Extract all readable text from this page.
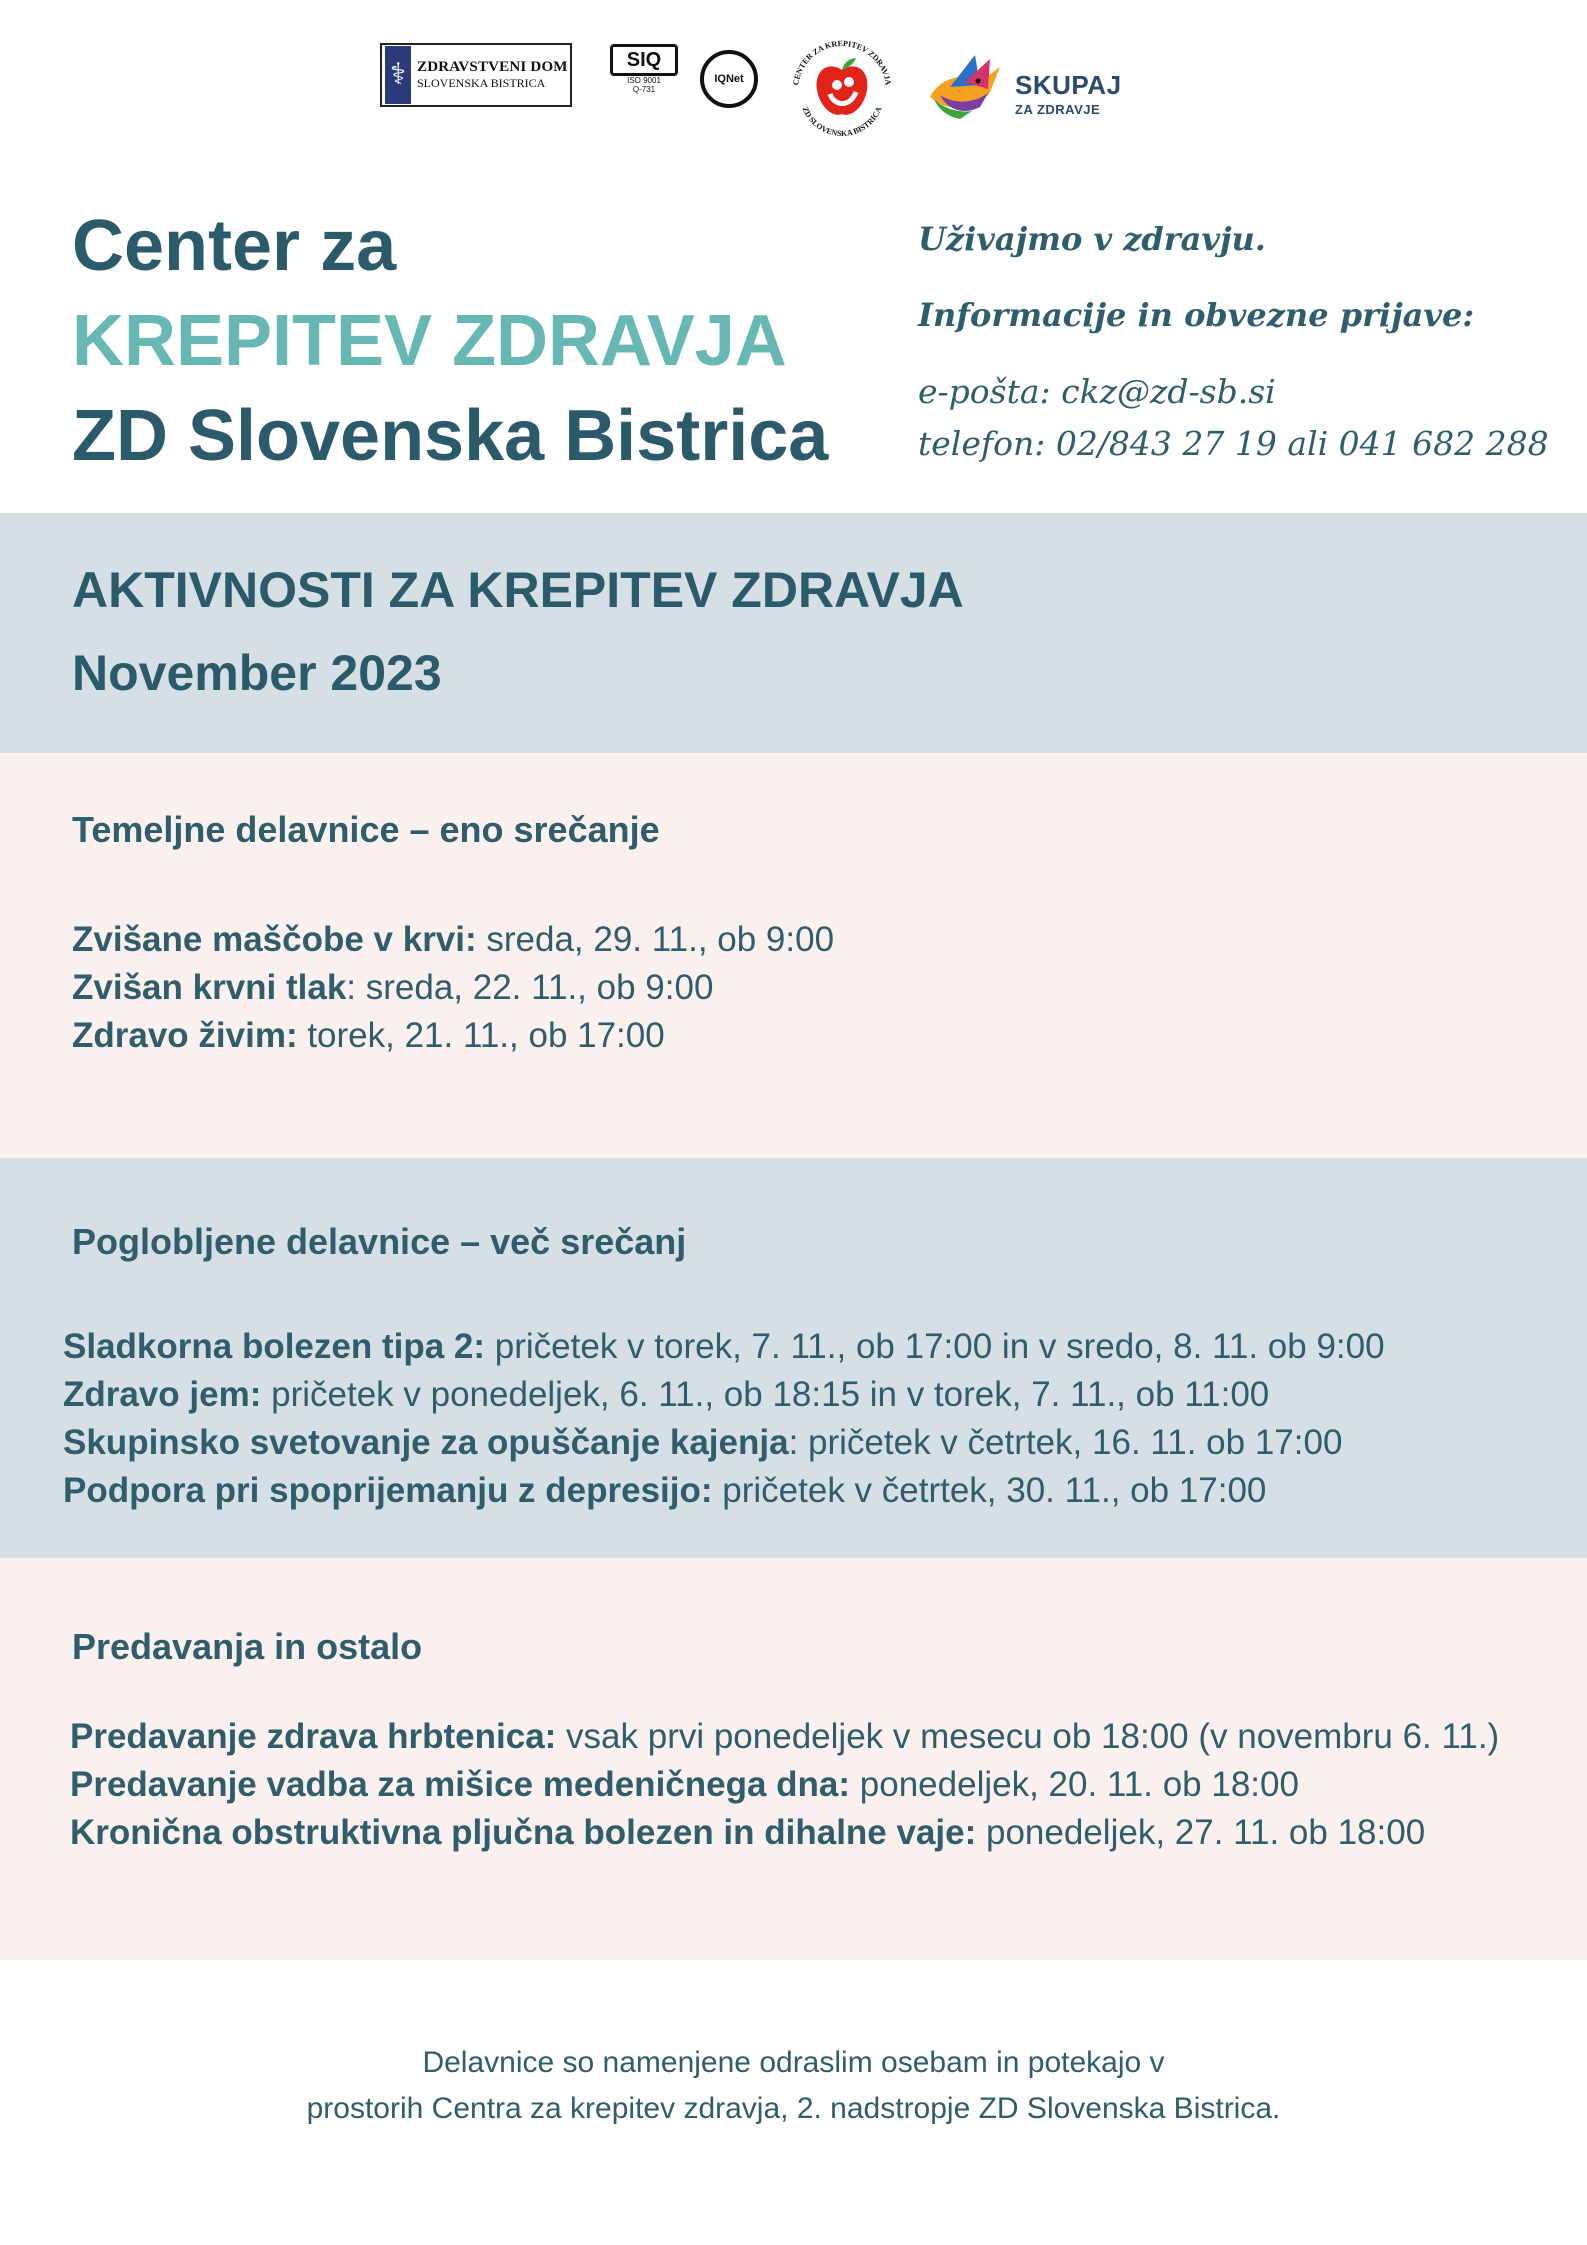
⚕ ZDRAVSTVENI DOM
SLOVENSKA BISTRICA
SIQ
ISO 9001
Q-731
IQNet	CENTER ZA KREPITEV ZDRAVJA
ZD SLOVENSKA BISTRICA
SKUPAJ
ZA ZDRAVJE
Center za
KREPITEV ZDRAVJA
ZD Slovenska Bistrica
Uživajmo v zdravju.
Informacije in obvezne prijave:
e-pošta: ckz@zd-sb.si
telefon: 02/843 27 19 ali 041 682 288
AKTIVNOSTI ZA KREPITEV ZDRAVJA
November 2023
Temeljne delavnice – eno srečanje
Zvišane maščobe v krvi: sreda, 29. 11., ob 9:00
Zvišan krvni tlak: sreda, 22. 11., ob 9:00
Zdravo živim: torek, 21. 11., ob 17:00
Poglobljene delavnice – več srečanj
Sladkorna bolezen tipa 2: pričetek v torek, 7. 11., ob 17:00 in v sredo, 8. 11. ob 9:00
Zdravo jem: pričetek v ponedeljek, 6. 11., ob 18:15 in v torek, 7. 11., ob 11:00
Skupinsko svetovanje za opuščanje kajenja: pričetek v četrtek, 16. 11. ob 17:00
Podpora pri spoprijemanju z depresijo: pričetek v četrtek, 30. 11., ob 17:00
Predavanja in ostalo
Predavanje zdrava hrbtenica: vsak prvi ponedeljek v mesecu ob 18:00 (v novembru 6. 11.)
Predavanje vadba za mišice medeničnega dna: ponedeljek, 20. 11. ob 18:00
Kronična obstruktivna pljučna bolezen in dihalne vaje: ponedeljek, 27. 11. ob 18:00
Delavnice so namenjene odraslim osebam in potekajo v
prostorih Centra za krepitev zdravja, 2. nadstropje ZD Slovenska Bistrica.
